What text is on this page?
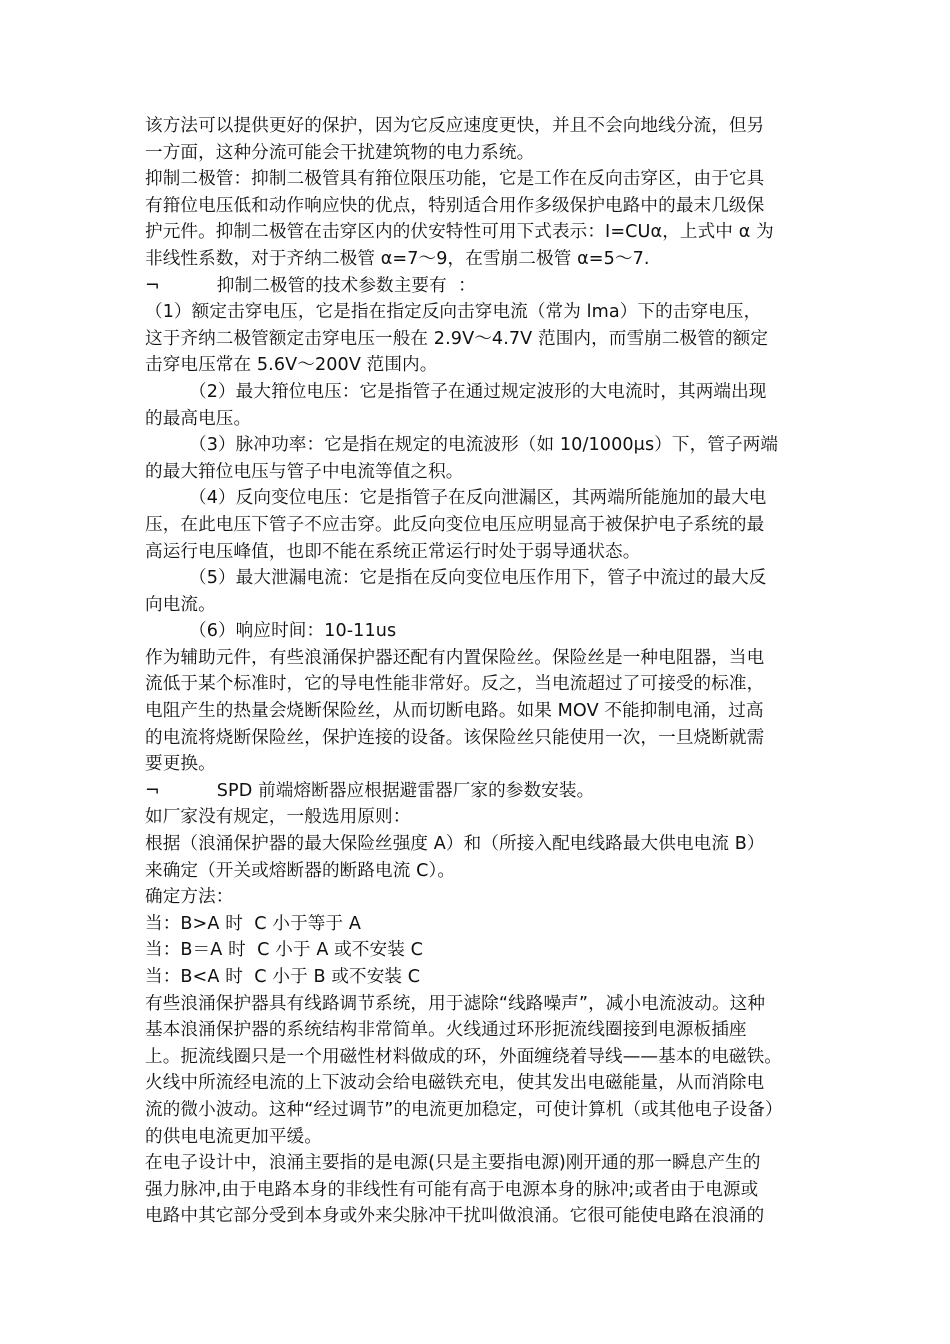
该方法可以提供更好的保护，因为它反应速度更快，并且不会向地线分流，但另
一方面，这种分流可能会干扰建筑物的电力系统。
抑制二极管：抑制二极管具有箝位限压功能，它是工作在反向击穿区，由于它具
有箝位电压低和动作响应快的优点，特别适合用作多级保护电路中的最末几级保
护元件。抑制二极管在击穿区内的伏安特性可用下式表示：I=CUα，上式中 α 为
非线性系数，对于齐纳二极管 α=7～9，在雪崩二极管 α=5～7.
¬          抑制二极管的技术参数主要有  ：
（1）额定击穿电压，它是指在指定反向击穿电流（常为 lma）下的击穿电压，
这于齐纳二极管额定击穿电压一般在 2.9V～4.7V 范围内，而雪崩二极管的额定
击穿电压常在 5.6V～200V 范围内。
（2）最大箝位电压：它是指管子在通过规定波形的大电流时，其两端出现
的最高电压。
（3）脉冲功率：它是指在规定的电流波形（如 10/1000μs）下，管子两端
的最大箝位电压与管子中电流等值之积。
（4）反向变位电压：它是指管子在反向泄漏区，其两端所能施加的最大电
压，在此电压下管子不应击穿。此反向变位电压应明显高于被保护电子系统的最
高运行电压峰值，也即不能在系统正常运行时处于弱导通状态。
（5）最大泄漏电流：它是指在反向变位电压作用下，管子中流过的最大反
向电流。
（6）响应时间：10-11us
作为辅助元件，有些浪涌保护器还配有内置保险丝。保险丝是一种电阻器，当电
流低于某个标准时，它的导电性能非常好。反之，当电流超过了可接受的标准，
电阻产生的热量会烧断保险丝，从而切断电路。如果 MOV 不能抑制电涌，过高
的电流将烧断保险丝，保护连接的设备。该保险丝只能使用一次，一旦烧断就需
要更换。
¬          SPD 前端熔断器应根据避雷器厂家的参数安装。
如厂家没有规定，一般选用原则：
根据（浪涌保护器的最大保险丝强度 A）和（所接入配电线路最大供电电流 B）
来确定（开关或熔断器的断路电流 C）。
确定方法：
当：B>A 时  C 小于等于 A
当：B＝A 时  C 小于 A 或不安装 C
当：B<A 时  C 小于 B 或不安装 C
有些浪涌保护器具有线路调节系统，用于滤除“线路噪声”，减小电流波动。这种
基本浪涌保护器的系统结构非常简单。火线通过环形扼流线圈接到电源板插座
上。扼流线圈只是一个用磁性材料做成的环，外面缠绕着导线——基本的电磁铁。
火线中所流经电流的上下波动会给电磁铁充电，使其发出电磁能量，从而消除电
流的微小波动。这种“经过调节”的电流更加稳定，可使计算机（或其他电子设备）
的供电电流更加平缓。
在电子设计中，浪涌主要指的是电源(只是主要指电源)刚开通的那一瞬息产生的
强力脉冲,由于电路本身的非线性有可能有高于电源本身的脉冲;或者由于电源或
电路中其它部分受到本身或外来尖脉冲干扰叫做浪涌。它很可能使电路在浪涌的
